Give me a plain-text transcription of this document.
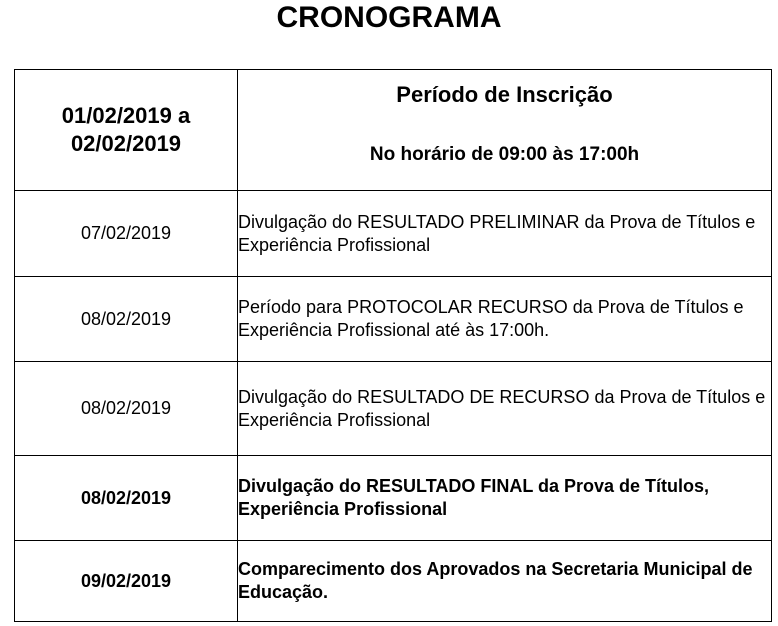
CRONOGRAMA
01/02/2019 a
02/02/2019	Período de Inscrição
No horário de 09:00 às 17:00h

07/02/2019	Divulgação do RESULTADO PRELIMINAR da Prova de Títulos e Experiência Profissional
08/02/2019	Período para PROTOCOLAR RECURSO da Prova de Títulos e Experiência Profissional até às 17:00h.
08/02/2019	Divulgação do RESULTADO DE RECURSO da Prova de Títulos e Experiência Profissional
08/02/2019	Divulgação do RESULTADO FINAL da Prova de Títulos, Experiência Profissional
09/02/2019	Comparecimento dos Aprovados na Secretaria Municipal de Educação.
